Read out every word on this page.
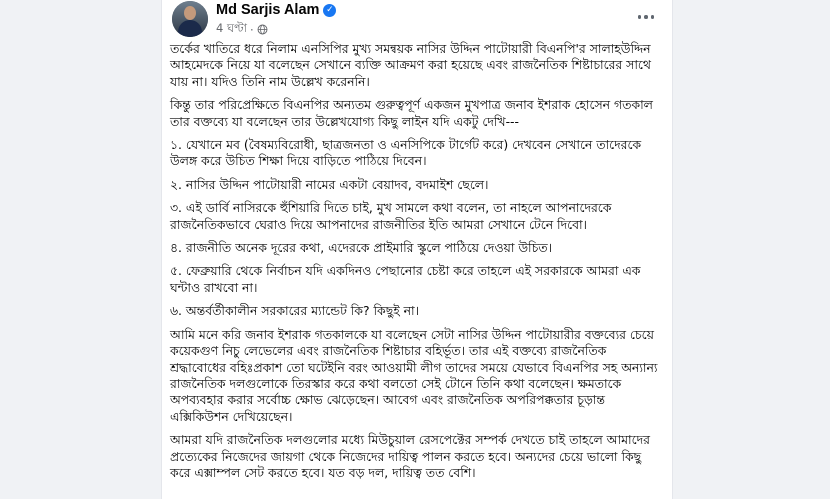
Md Sarjis Alam ✓
4 ঘণ্টা ·

তর্কের খাতিরে ধরে নিলাম এনসিপির মুখ্য সমন্বয়ক নাসির উদ্দিন পাটোয়ারী বিএনপি'র সালাহউদ্দিন আহমেদকে নিয়ে যা বলেছেন সেখানে ব্যক্তি আক্রমণ করা হয়েছে এবং রাজনৈতিক শিষ্টাচারের সাথে যায় না। যদিও তিনি নাম উল্লেখ করেননি।

কিন্তু তার পরিপ্রেক্ষিতে বিএনপির অন্যতম গুরুত্বপূর্ণ একজন মুখপাত্র জনাব ইশরাক হোসেন গতকাল তার বক্তব্যে যা বলেছেন তার উল্লেখযোগ্য কিছু লাইন যদি একটু দেখি---

১. যেখানে মব (বৈষম্যবিরোধী, ছাত্রজনতা ও এনসিপিকে টার্গেট করে) দেখবেন সেখানে তাদেরকে উলঙ্গ করে উচিত শিক্ষা দিয়ে বাড়িতে পাঠিয়ে দিবেন।

২. নাসির উদ্দিন পাটোয়ারী নামের একটা বেয়াদব, বদমাইশ ছেলে।

৩. এই ডার্বি নাসিরকে হুঁশিয়ারি দিতে চাই, মুখ সামলে কথা বলেন, তা নাহলে আপনাদেরকে রাজনৈতিকভাবে ঘেরাও দিয়ে আপনাদের রাজনীতির ইতি আমরা সেখানে টেনে দিবো।

৪. রাজনীতি অনেক দূরের কথা, এদেরকে প্রাইমারি স্কুলে পাঠিয়ে দেওয়া উচিত।

৫. ফেব্রুয়ারি থেকে নির্বাচন যদি একদিনও পেছানোর চেষ্টা করে তাহলে এই সরকারকে আমরা এক ঘন্টাও রাখবো না।

৬. অন্তর্বর্তীকালীন সরকারের ম্যান্ডেট কি? কিছুই না।

আমি মনে করি জনাব ইশরাক গতকালকে যা বলেছেন সেটা নাসির উদ্দিন পাটোয়ারীর বক্তব্যের চেয়ে কয়েকগুণ নিচু লেভেলের এবং রাজনৈতিক শিষ্টাচার বহির্ভূত। তার এই বক্তব্যে রাজনৈতিক শ্রদ্ধাবোধের বহিঃপ্রকাশ তো ঘটেইনি বরং আওয়ামী লীগ তাদের সময়ে যেভাবে বিএনপির সহ অন্যান্য রাজনৈতিক দলগুলোকে তিরস্কার করে কথা বলতো সেই টোনে তিনি কথা বলেছেন। ক্ষমতাকে অপব্যবহার করার সর্বোচ্চ ক্ষোভ ঝেড়েছেন। আবেগ এবং রাজনৈতিক অপরিপক্কতার চূড়ান্ত এক্সিকিউশন দেখিয়েছেন।

আমরা যদি রাজনৈতিক দলগুলোর মধ্যে মিউচুয়াল রেসপেক্টের সম্পর্ক দেখতে চাই তাহলে আমাদের প্রত্যেকের নিজেদের জায়গা থেকে নিজেদের দায়িত্ব পালন করতে হবে। অন্যদের চেয়ে ভালো কিছু করে এক্সাম্পল সেট করতে হবে। যত বড় দল, দায়িত্ব তত বেশি।
